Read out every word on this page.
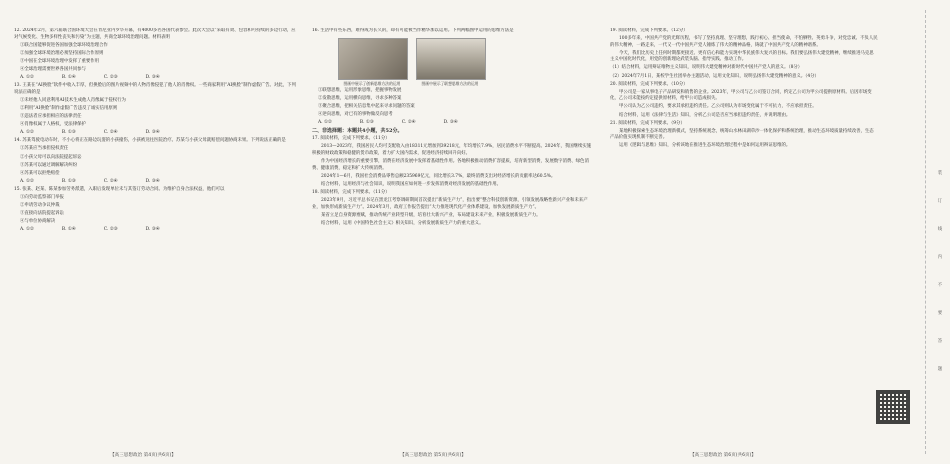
12. 2024年2月，第六届联合国环境大会在肯尼亚内罗毕开幕，有4000多名各国代表参会。此次大会以“采取有效、包容和可持续的多边行动，应对气候变化、生物多样性丧失和污染”为主题，共商全球环境治理问题。材料表明

①联合国能够促进各国加强全球环境治理合作

②加强全球环境治理必须坚持国际合作原则

③中国在全球环境治理中发挥了重要作用

④全球治理需要世界各国共同参与

A. ①②	B. ①④	C. ②③	D. ③④

13. 王某在“AI换脸”软件中收入丰厚，但换脸后的图片视频中的人物肖像侵犯了他人的肖像权。一些商家利用“AI换脸”制作虚假广告。对此，下列说法正确的是

①未经他人同意利用AI技术生成他人肖像属于侵权行为

②利用“AI换脸”制作虚假广告违反了诚实信用原则

③违法者应承担相应的法律责任

④肖像权属于人格权，受法律保护

A. ①②	B. ①③	C. ②④	D. ③④

14. 苏某驾驶电动车时，不小心将正在路边玩耍的小孩撞伤，小孩被送往医院治疗。苏某与小孩父母就赔偿问题协商未果。下列说法正确的是

①苏某应当承担侵权责任

②小孩父母可以向法院提起诉讼

③苏某可以通过调解解决纠纷

④苏某可以拒绝赔偿

A. ①②	B. ①③	C. ②④	D. ③④

15. 张某、赵某、陈某参加劳务派遣，入职后发现单位未与其签订劳动合同。为维护自身合法权益，他们可以

①向劳动监察部门举报

②申请劳动争议仲裁

③直接向法院提起诉讼

④与单位协商解决

A. ①②	B. ①④	C. ②③	D. ③④
【高三思想政治 第4页(共6页)】

16. 生活中有些东西，难得成为长久的，却有可能被当作精华加以运用。下列两幅图中运用的思维方法是

图画中展示了创新思维方法的运用	图画中展示了联想思维方法的运用

①联想思维，运用形象思维，把握事物发展

②发散思维，运用横向思维，寻求多种答案

③聚合思维，把相关信息集中起来寻求问题的答案

④逆向思维，对已有的事物做反向思考

A. ①②	B. ①③	C. ②④	D. ③④

二、非选择题：本题共4小题，共52分。

17. 阅读材料，完成下列要求。（11分）

2013—2023年，我国居民人均可支配收入由18311元增加到39218元，年均增长7.9%，居民消费水平不断提高。2024年，我国继续实施积极的财政政策和稳健的货币政策，着力扩大国内需求，促进经济持续回升向好。

作为中国经济增长的重要引擎，消费在经济发展中发挥着基础性作用。各地积极推动消费扩容提质，培育新型消费，发展数字消费、绿色消费、健康消费，稳定和扩大传统消费。

2024年1—6月，我国社会消费品零售总额235969亿元，同比增长3.7%，最终消费支出对经济增长的贡献率达60.5%。

结合材料，运用经济与社会知识，说明我国应如何进一步发挥消费对经济发展的基础性作用。

18. 阅读材料，完成下列要求。（11分）

2023年9月，习近平总书记在黑龙江考察调研期间首次提出“新质生产力”，指出要“整合科技创新资源，引领发展战略性新兴产业和未来产业，加快形成新质生产力”。2024年3月，政府工作报告提出“大力推进现代化产业体系建设，加快发展新质生产力”。

某省立足自身资源禀赋，推动传统产业转型升级，培育壮大新兴产业，布局建设未来产业，积极发展新质生产力。

结合材料，运用《中国特色社会主义》相关知识，分析发展新质生产力的重大意义。

【高三思想政治 第5页(共6页)】

19. 阅读材料，完成下列要求。（12分）

100多年来，中国共产党的光辉历程，书写了坚持真理、坚守理想，践行初心、担当使命，不怕牺牲、英勇斗争，对党忠诚、不负人民的伟大精神，一路走来，一代又一代中国共产党人锤炼了伟大的精神品格，铸就了中国共产党人的精神谱系。

今天，我们比历史上任何时期都更接近、更有信心和能力实现中华民族伟大复兴的目标。我们要弘扬伟大建党精神，继续推进马克思主义中国化时代化，用党的创新理论武装头脑、指导实践、推动工作。

（1）结合材料，运用辩证唯物主义知识，说明伟大建党精神对新时代中国共产党人的意义。（8分）

（2）2024年7月1日，某校学生社团举办主题活动，运用文化知识，说明弘扬伟大建党精神的意义。（4分）

20. 阅读材料，完成下列要求。（10分）

甲公司是一家从事电子产品研发和销售的企业。2023年，甲公司与乙公司签订合同，约定乙公司为甲公司提供原材料。后因市场变化，乙公司未能按约定提供原材料，给甲公司造成损失。

甲公司认为乙公司违约，要求其承担违约责任。乙公司则认为市场变化属于不可抗力，不应承担责任。

结合材料，运用《法律与生活》知识，分析乙公司是否应当承担违约责任，并说明理由。

21. 阅读材料，完成下列要求。（9分）

某地积极探索生态环境治理新模式，坚持系统观念，统筹山水林田湖草沙一体化保护和系统治理，推动生态环境质量持续改善，生态产品价值实现机制不断完善。

运用《逻辑与思维》知识，分析该地在推进生态环境治理过程中是如何运用辩证思维的。

【高三思想政治 第6页(共6页)】
装
订
线
内
不
要
答
题
